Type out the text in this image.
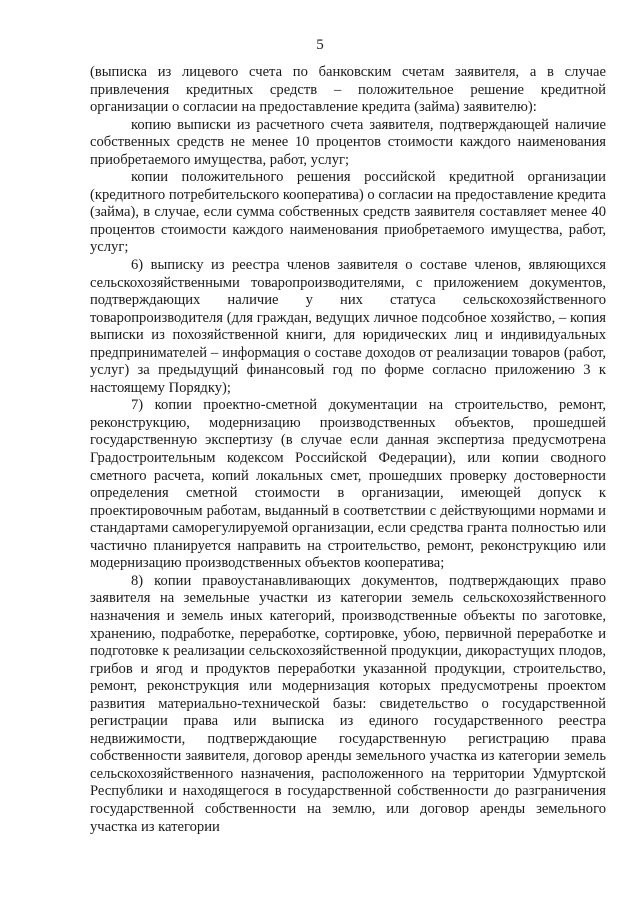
5

(выписка из лицевого счета по банковским счетам заявителя, а в случае привлечения кредитных средств – положительное решение кредитной организации о согласии на предоставление кредита (займа) заявителю):

копию выписки из расчетного счета заявителя, подтверждающей наличие собственных средств не менее 10 процентов стоимости каждого наименования приобретаемого имущества, работ, услуг;

копии положительного решения российской кредитной организации (кредитного потребительского кооператива) о согласии на предоставление кредита (займа), в случае, если сумма собственных средств заявителя составляет менее 40 процентов стоимости каждого наименования приобретаемого имущества, работ, услуг;

6) выписку из реестра членов заявителя о составе членов, являющихся сельскохозяйственными товаропроизводителями, с приложением документов, подтверждающих наличие у них статуса сельскохозяйственного товаропроизводителя (для граждан, ведущих личное подсобное хозяйство, – копия выписки из похозяйственной книги, для юридических лиц и индивидуальных предпринимателей – информация о составе доходов от реализации товаров (работ, услуг) за предыдущий финансовый год по форме согласно приложению 3 к настоящему Порядку);

7) копии проектно-сметной документации на строительство, ремонт, реконструкцию, модернизацию производственных объектов, прошедшей государственную экспертизу (в случае если данная экспертиза предусмотрена Градостроительным кодексом Российской Федерации), или копии сводного сметного расчета, копий локальных смет, прошедших проверку достоверности определения сметной стоимости в организации, имеющей допуск к проектировочным работам, выданный в соответствии с действующими нормами и стандартами саморегулируемой организации, если средства гранта полностью или частично планируется направить на строительство, ремонт, реконструкцию или модернизацию производственных объектов кооператива;

8) копии правоустанавливающих документов, подтверждающих право заявителя на земельные участки из категории земель сельскохозяйственного назначения и земель иных категорий, производственные объекты по заготовке, хранению, подработке, переработке, сортировке, убою, первичной переработке и подготовке к реализации сельскохозяйственной продукции, дикорастущих плодов, грибов и ягод и продуктов переработки указанной продукции, строительство, ремонт, реконструкция или модернизация которых предусмотрены проектом развития материально-технической базы: свидетельство о государственной регистрации права или выписка из единого государственного реестра недвижимости, подтверждающие государственную регистрацию права собственности заявителя, договор аренды земельного участка из категории земель сельскохозяйственного назначения, расположенного на территории Удмуртской Республики и находящегося в государственной собственности до разграничения государственной собственности на землю, или договор аренды земельного участка из категории
